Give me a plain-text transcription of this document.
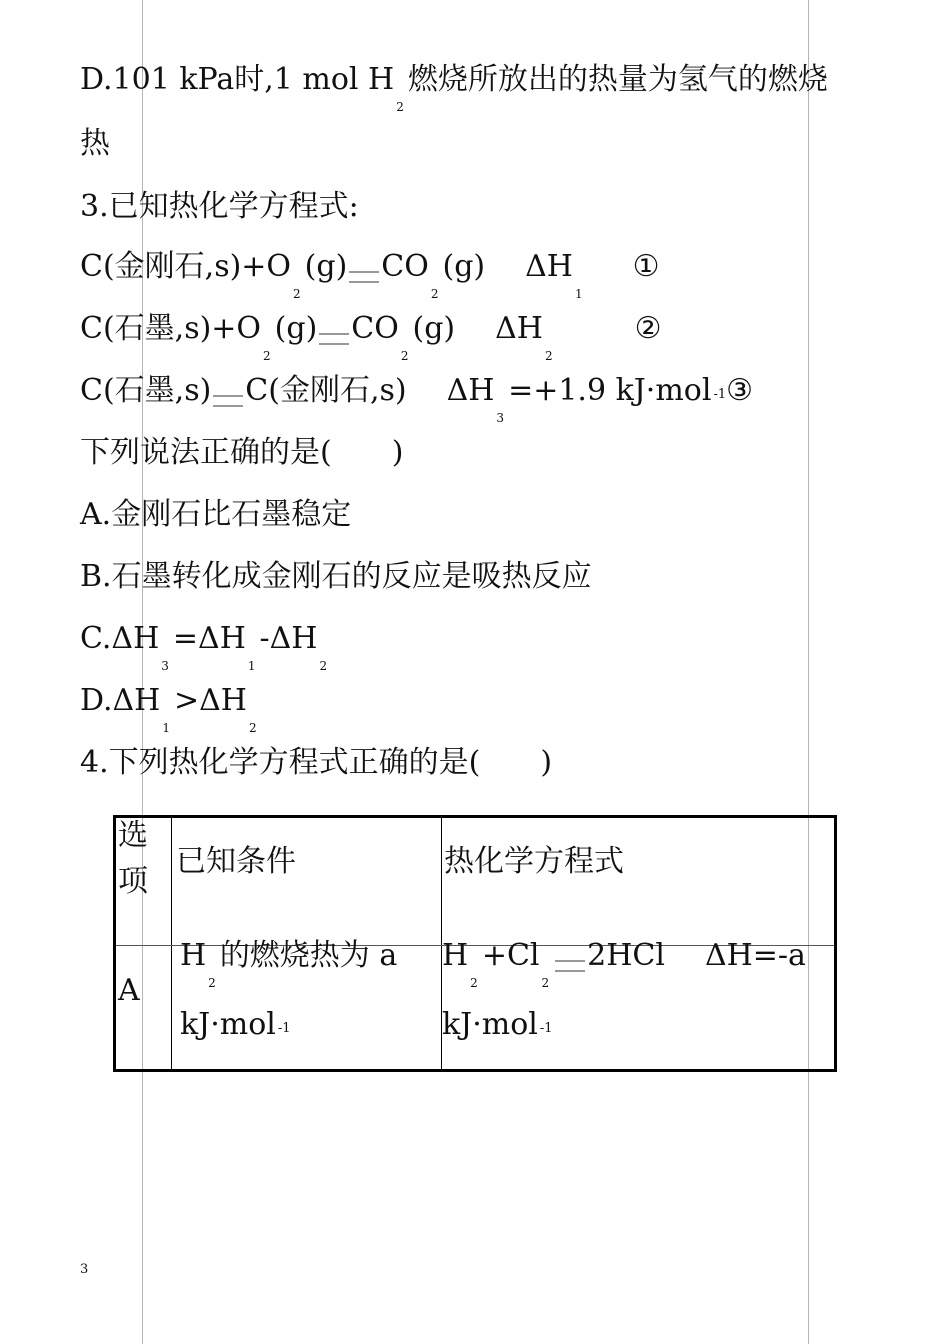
D.101 kPa时,1 mol $H_2$燃烧所放出的热量为氢气的燃烧
热
3.已知热化学方程式:
C(金刚石$,s)+O_2(g)$ $CO_2(g)$ $\Delta H_1①$
C(石墨$,s)+O_2(g)$ $CO_2(g)$ $\Delta H_2②$
C(石墨,s) C(金刚石,s) $\Delta H_3=+1.9$ kJ·mol -1③
下列说法正确的是(　　)
A.金刚石比石墨稳定
B.石墨转化成金刚石的反应是吸热反应
$C.\Delta H_3=\Delta H_1-\Delta H_2$
$D.\Delta H_1>\Delta H_2$
4.下列热化学方程式正确的是(　　)
选
项
已知条件	热化学方程式
A
$H_2$的燃烧热为 a
kJ·mol -1
$H_2+Cl_22HCl$ ΔH=-a
kJ·mol -1
3
